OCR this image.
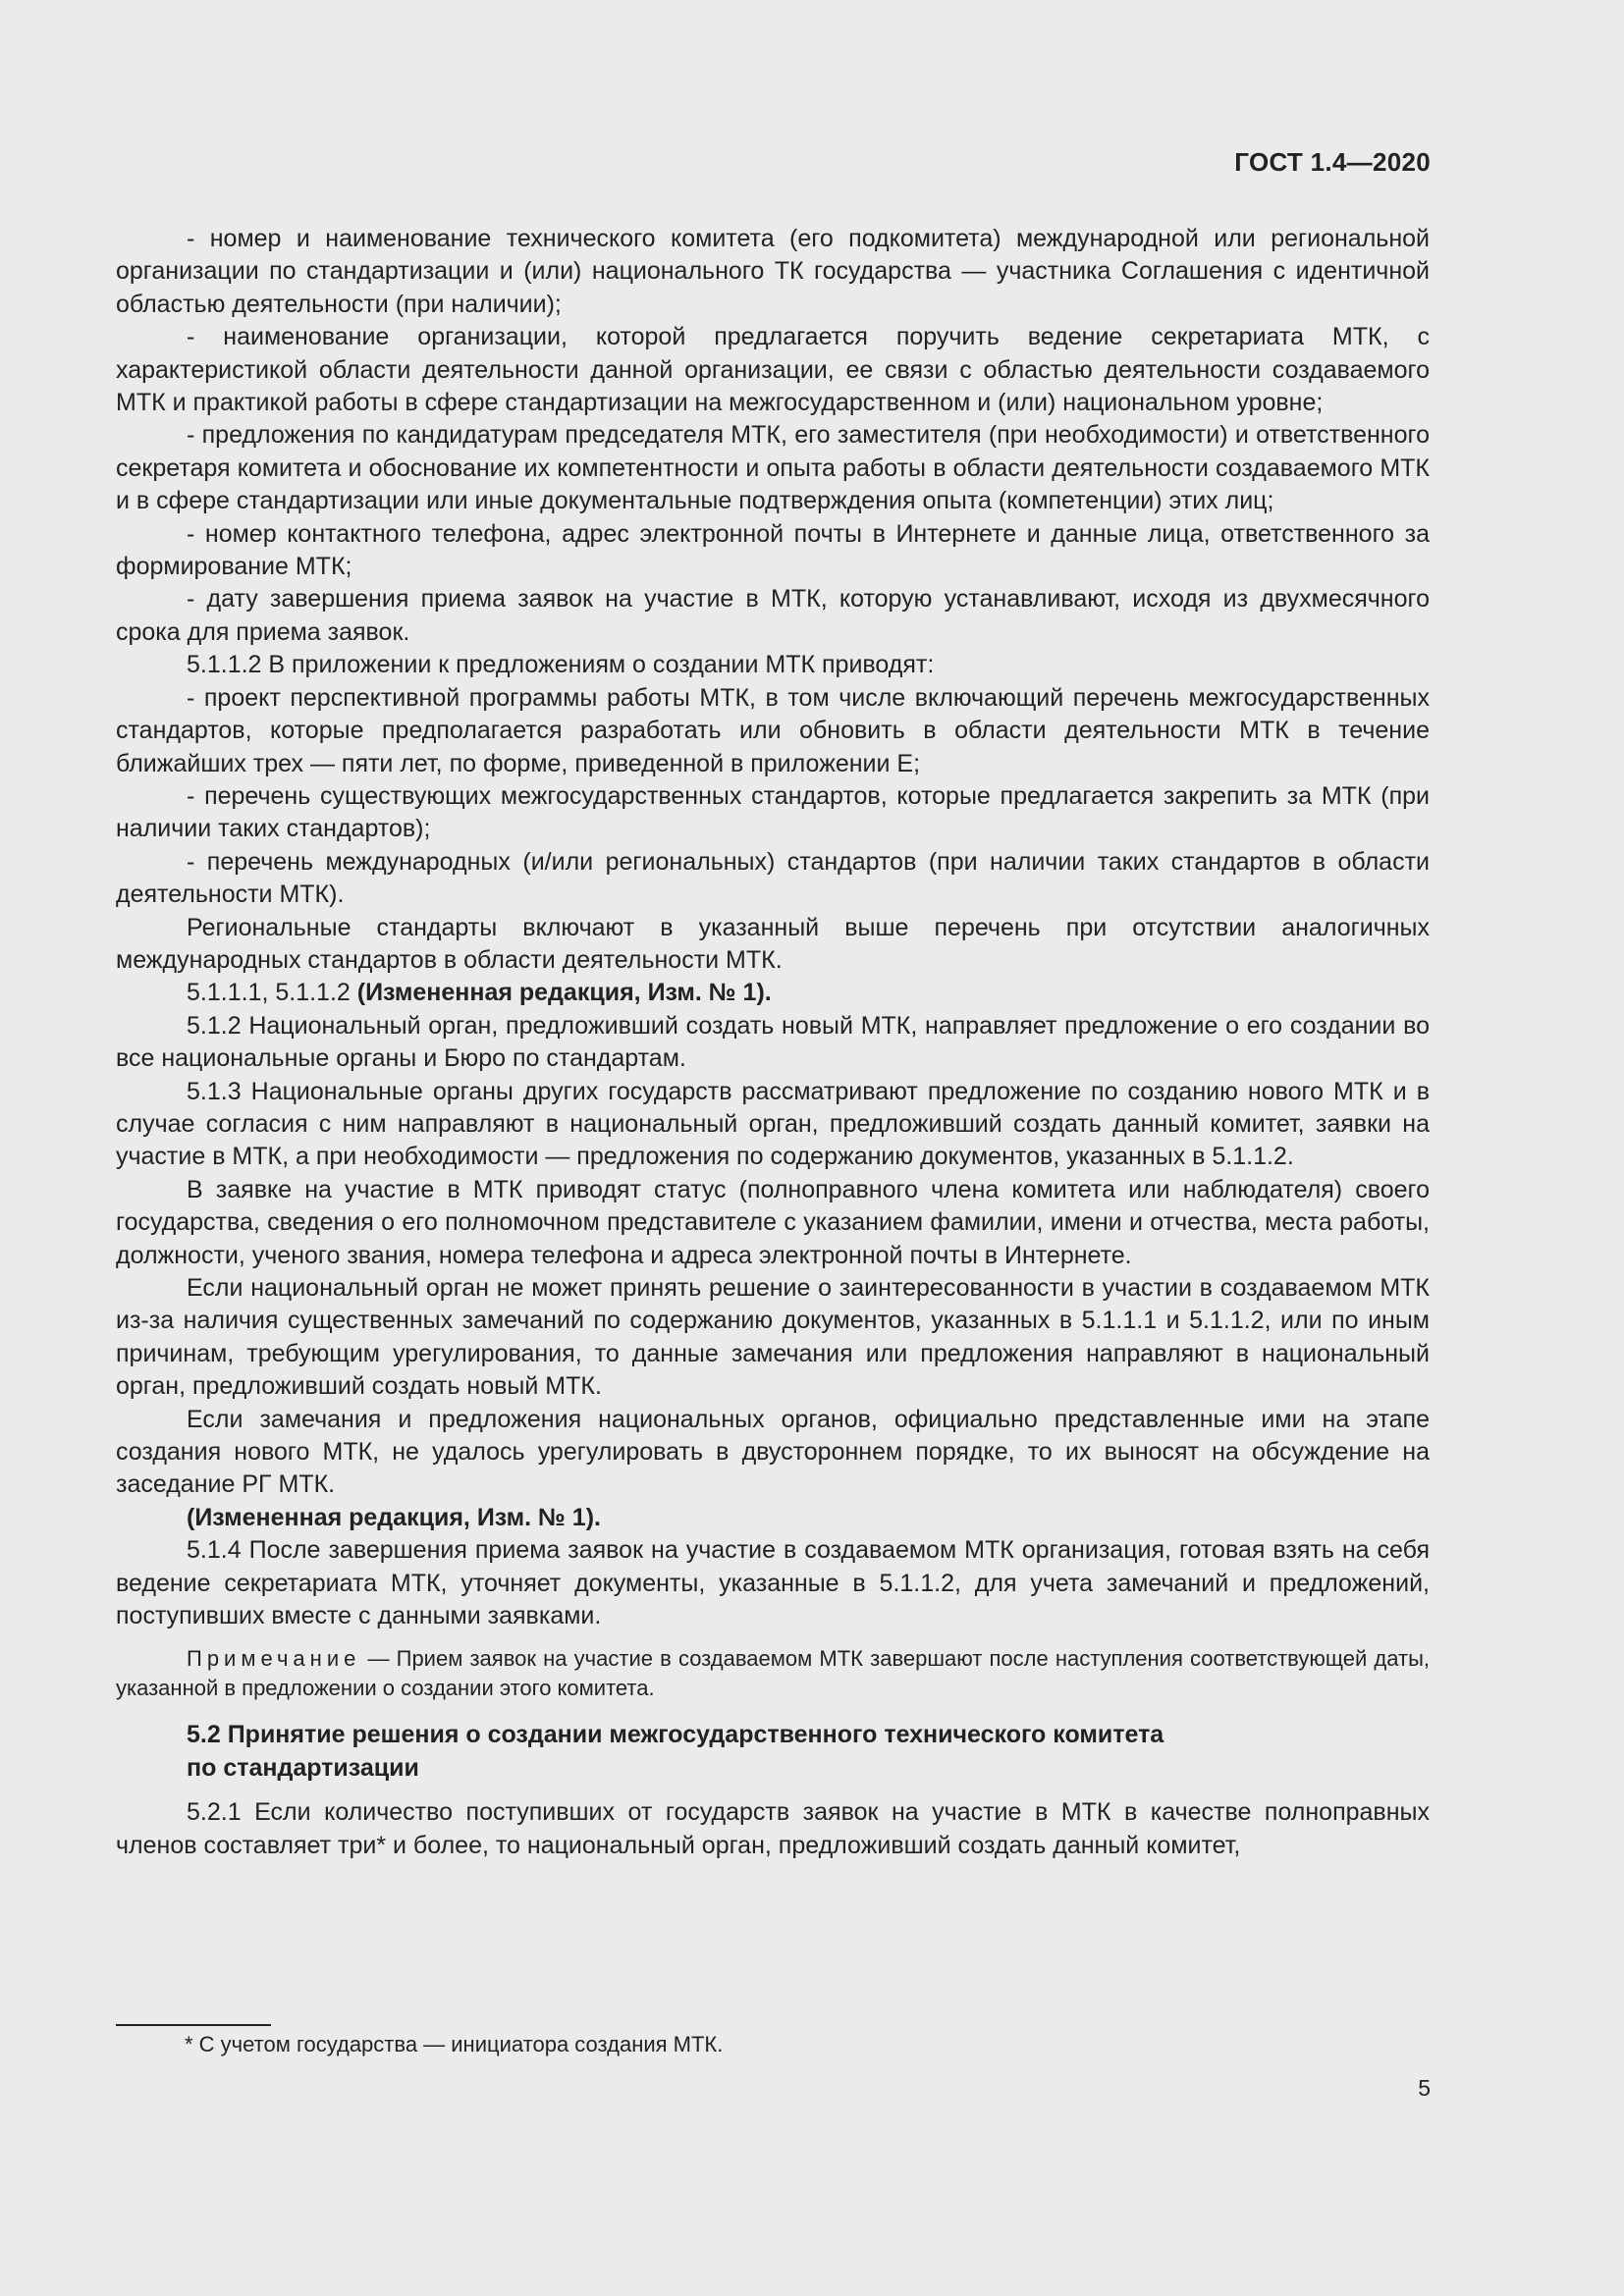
ГОСТ 1.4—2020

- номер и наименование технического комитета (его подкомитета) международной или региональной организации по стандартизации и (или) национального ТК государства — участника Соглашения с идентичной областью деятельности (при наличии);

- наименование организации, которой предлагается поручить ведение секретариата МТК, с характеристикой области деятельности данной организации, ее связи с областью деятельности создаваемого МТК и практикой работы в сфере стандартизации на межгосударственном и (или) национальном уровне;

- предложения по кандидатурам председателя МТК, его заместителя (при необходимости) и ответственного секретаря комитета и обоснование их компетентности и опыта работы в области деятельности создаваемого МТК и в сфере стандартизации или иные документальные подтверждения опыта (компетенции) этих лиц;

- номер контактного телефона, адрес электронной почты в Интернете и данные лица, ответственного за формирование МТК;

- дату завершения приема заявок на участие в МТК, которую устанавливают, исходя из двухмесячного срока для приема заявок.

5.1.1.2 В приложении к предложениям о создании МТК приводят:

- проект перспективной программы работы МТК, в том числе включающий перечень межгосударственных стандартов, которые предполагается разработать или обновить в области деятельности МТК в течение ближайших трех — пяти лет, по форме, приведенной в приложении Е;

- перечень существующих межгосударственных стандартов, которые предлагается закрепить за МТК (при наличии таких стандартов);

- перечень международных (и/или региональных) стандартов (при наличии таких стандартов в области деятельности МТК).

Региональные стандарты включают в указанный выше перечень при отсутствии аналогичных международных стандартов в области деятельности МТК.

5.1.1.1, 5.1.1.2 (Измененная редакция, Изм. № 1).

5.1.2 Национальный орган, предложивший создать новый МТК, направляет предложение о его создании во все национальные органы и Бюро по стандартам.

5.1.3 Национальные органы других государств рассматривают предложение по созданию нового МТК и в случае согласия с ним направляют в национальный орган, предложивший создать данный комитет, заявки на участие в МТК, а при необходимости — предложения по содержанию документов, указанных в 5.1.1.2.

В заявке на участие в МТК приводят статус (полноправного члена комитета или наблюдателя) своего государства, сведения о его полномочном представителе с указанием фамилии, имени и отчества, места работы, должности, ученого звания, номера телефона и адреса электронной почты в Интернете.

Если национальный орган не может принять решение о заинтересованности в участии в создаваемом МТК из-за наличия существенных замечаний по содержанию документов, указанных в 5.1.1.1 и 5.1.1.2, или по иным причинам, требующим урегулирования, то данные замечания или предложения направляют в национальный орган, предложивший создать новый МТК.

Если замечания и предложения национальных органов, официально представленные ими на этапе создания нового МТК, не удалось урегулировать в двустороннем порядке, то их выносят на обсуждение на заседание РГ МТК.

(Измененная редакция, Изм. № 1).

5.1.4 После завершения приема заявок на участие в создаваемом МТК организация, готовая взять на себя ведение секретариата МТК, уточняет документы, указанные в 5.1.1.2, для учета замечаний и предложений, поступивших вместе с данными заявками.

Примечание — Прием заявок на участие в создаваемом МТК завершают после наступления соответствующей даты, указанной в предложении о создании этого комитета.

5.2 Принятие решения о создании межгосударственного технического комитета
по стандартизации

5.2.1 Если количество поступивших от государств заявок на участие в МТК в качестве полноправных членов составляет три* и более, то национальный орган, предложивший создать данный комитет,

* С учетом государства — инициатора создания МТК.
5
